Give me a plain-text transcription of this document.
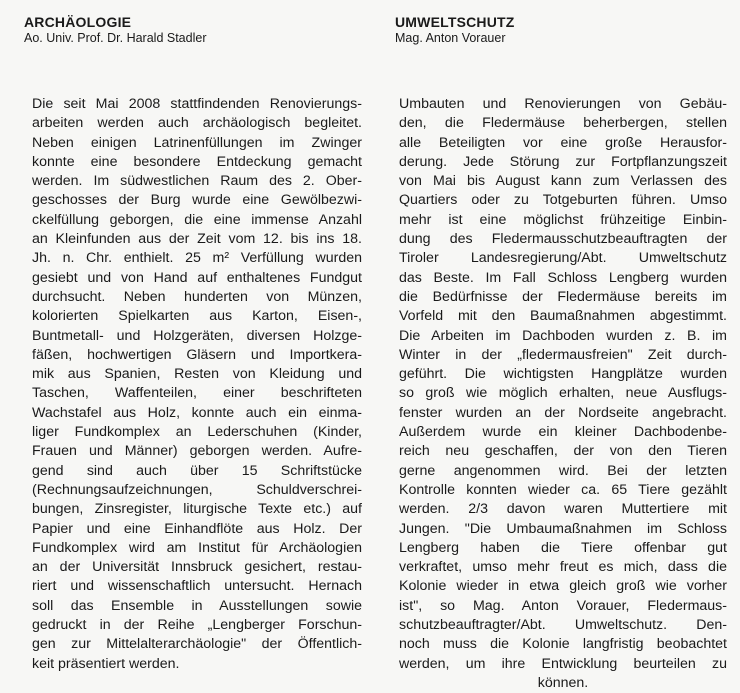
ARCHÄOLOGIE

Ao. Univ. Prof. Dr. Harald Stadler

Die seit Mai 2008 stattfindenden Renovierungs-
arbeiten werden auch archäologisch begleitet.
Neben einigen Latrinenfüllungen im Zwinger
konnte eine besondere Entdeckung gemacht
werden. Im südwestlichen Raum des 2. Ober-
geschosses der Burg wurde eine Gewölbezwi-
ckelfüllung geborgen, die eine immense Anzahl
an Kleinfunden aus der Zeit vom 12. bis ins 18.
Jh. n. Chr. enthielt. 25 m² Verfüllung wurden
gesiebt und von Hand auf enthaltenes Fundgut
durchsucht. Neben hunderten von Münzen,
kolorierten Spielkarten aus Karton, Eisen-,
Buntmetall- und Holzgeräten, diversen Holzge-
fäßen, hochwertigen Gläsern und Importkera-
mik aus Spanien, Resten von Kleidung und
Taschen, Waffenteilen, einer beschrifteten
Wachstafel aus Holz, konnte auch ein einma-
liger Fundkomplex an Lederschuhen (Kinder,
Frauen und Männer) geborgen werden. Aufre-
gend sind auch über 15 Schriftstücke
(Rechnungsaufzeichnungen, Schuldverschrei-
bungen, Zinsregister, liturgische Texte etc.) auf
Papier und eine Einhandflöte aus Holz. Der
Fundkomplex wird am Institut für Archäologien
an der Universität Innsbruck gesichert, restau-
riert und wissenschaftlich untersucht. Hernach
soll das Ensemble in Ausstellungen sowie
gedruckt in der Reihe „Lengberger Forschun-
gen zur Mittelalterarchäologie" der Öffentlich-
keit präsentiert werden.
UMWELTSCHUTZ

Mag. Anton Vorauer

Umbauten und Renovierungen von Gebäu-
den, die Fledermäuse beherbergen, stellen
alle Beteiligten vor eine große Herausfor-
derung. Jede Störung zur Fortpflanzungszeit
von Mai bis August kann zum Verlassen des
Quartiers oder zu Totgeburten führen. Umso
mehr ist eine möglichst frühzeitige Einbin-
dung des Fledermausschutzbeauftragten der
Tiroler Landesregierung/Abt. Umweltschutz
das Beste. Im Fall Schloss Lengberg wurden
die Bedürfnisse der Fledermäuse bereits im
Vorfeld mit den Baumaßnahmen abgestimmt.
Die Arbeiten im Dachboden wurden z. B. im
Winter in der „fledermausfreien" Zeit durch-
geführt. Die wichtigsten Hangplätze wurden
so groß wie möglich erhalten, neue Ausflugs-
fenster wurden an der Nordseite angebracht.
Außerdem wurde ein kleiner Dachbodenbe-
reich neu geschaffen, der von den Tieren
gerne angenommen wird. Bei der letzten
Kontrolle konnten wieder ca. 65 Tiere gezählt
werden. 2/3 davon waren Muttertiere mit
Jungen. "Die Umbaumaßnahmen im Schloss
Lengberg haben die Tiere offenbar gut
verkraftet, umso mehr freut es mich, dass die
Kolonie wieder in etwa gleich groß wie vorher
ist", so Mag. Anton Vorauer, Fledermaus-
schutzbeauftragter/Abt. Umweltschutz. Den-
noch muss die Kolonie langfristig beobachtet
werden, um ihre Entwicklung beurteilen zu
können.
